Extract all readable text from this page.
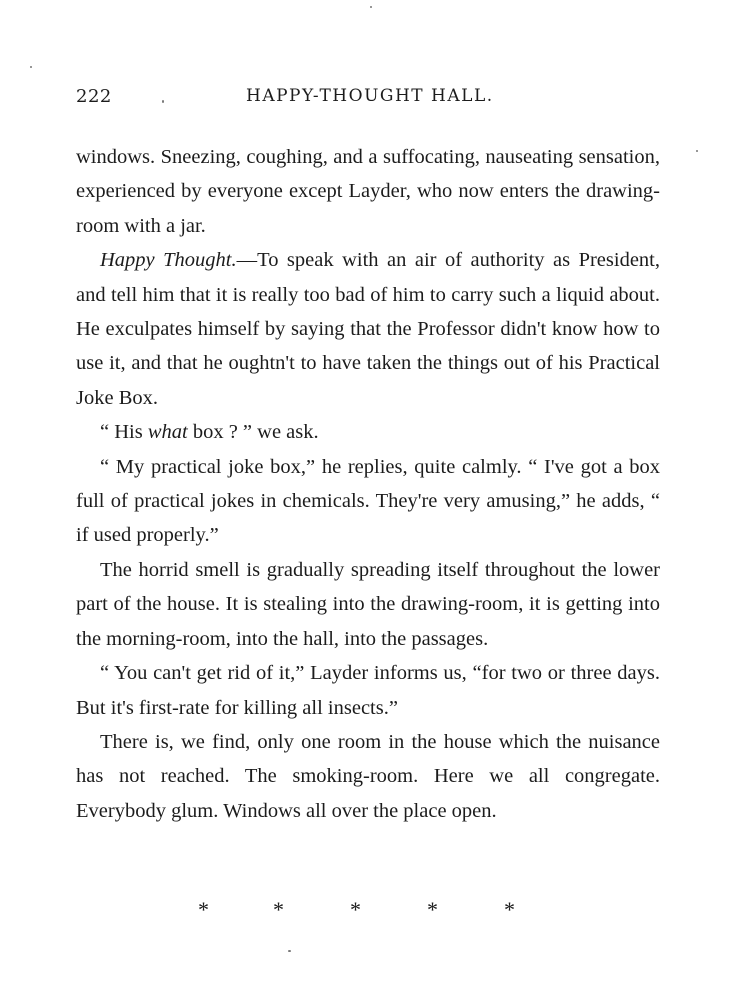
222	HAPPY-THOUGHT HALL.

windows. Sneezing, coughing, and a suffocating, nauseating sensation, experienced by everyone except Layder, who now enters the drawing-room with a jar.

Happy Thought.—To speak with an air of authority as President, and tell him that it is really too bad of him to carry such a liquid about. He exculpates himself by saying that the Professor didn't know how to use it, and that he oughtn't to have taken the things out of his Practical Joke Box.

“ His what box ? ” we ask.

“ My practical joke box,” he replies, quite calmly. “ I've got a box full of practical jokes in chemicals. They're very amusing,” he adds, “ if used properly.”

The horrid smell is gradually spreading itself throughout the lower part of the house. It is stealing into the drawing-room, it is getting into the morning-room, into the hall, into the passages.

“ You can't get rid of it,” Layder informs us, “for two or three days. But it's first-rate for killing all insects.”

There is, we find, only one room in the house which the nuisance has not reached. The smoking-room. Here we all congregate. Everybody glum. Windows all over the place open.

*	*	*	*	*
